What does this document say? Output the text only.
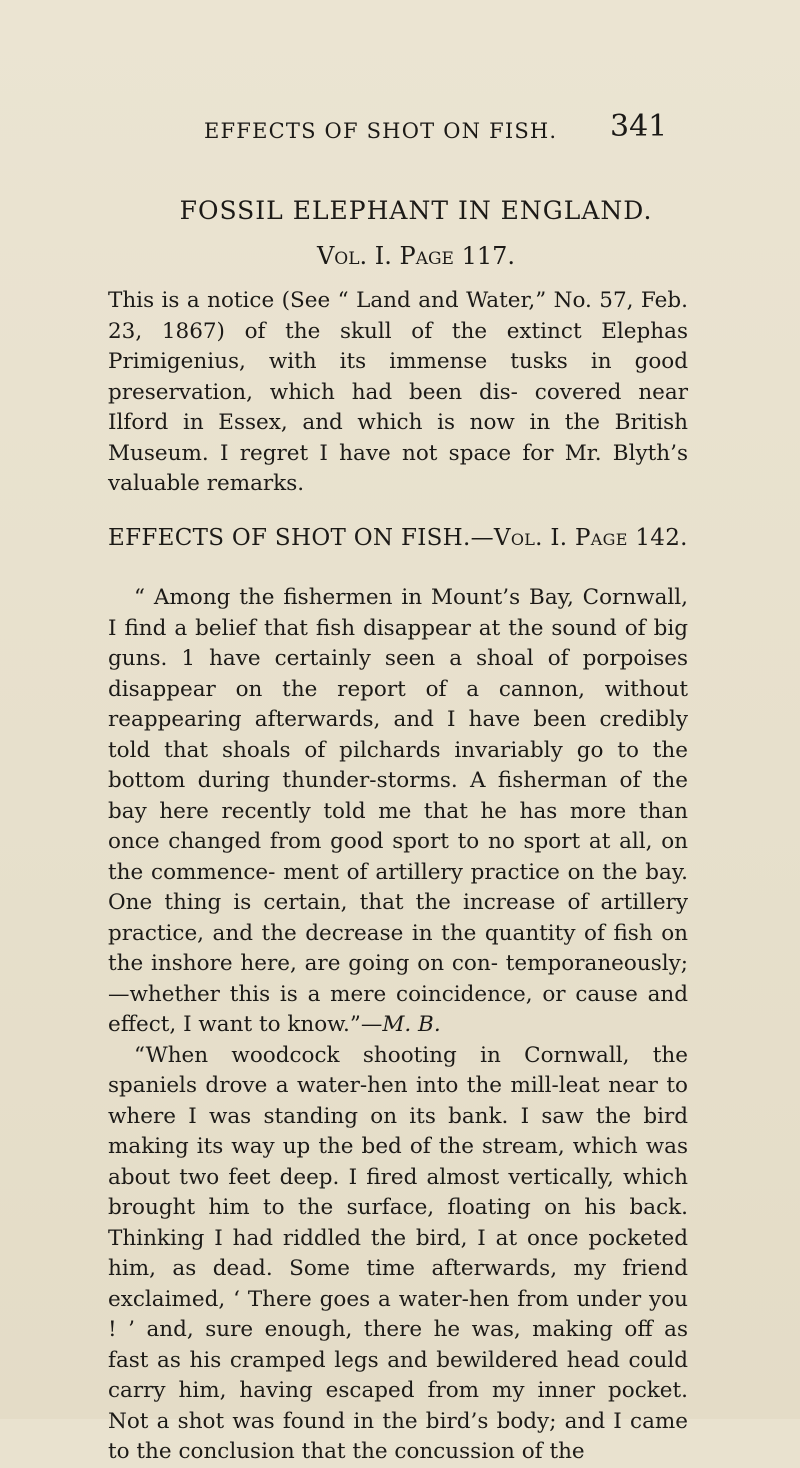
EFFECTS OF SHOT ON FISH. 341
FOSSIL ELEPHANT IN ENGLAND.
Vol. I. Page 117.
This is a notice (See “ Land and Water,” No. 57, Feb. 23, 1867) of the skull of the extinct Elephas Primigenius, with its immense tusks in good preservation, which had been dis- covered near Ilford in Essex, and which is now in the British Museum. I regret I have not space for Mr. Blyth’s valuable remarks.
EFFECTS OF SHOT ON FISH.—Vol. I. Page 142.
“ Among the fishermen in Mount’s Bay, Cornwall, I find a belief that fish disappear at the sound of big guns. 1 have certainly seen a shoal of porpoises disappear on the report of a cannon, without reappearing afterwards, and I have been credibly told that shoals of pilchards invariably go to the bottom during thunder-storms. A fisherman of the bay here recently told me that he has more than once changed from good sport to no sport at all, on the commence- ment of artillery practice on the bay. One thing is certain, that the increase of artillery practice, and the decrease in the quantity of fish on the inshore here, are going on con- temporaneously;—whether this is a mere coincidence, or cause and effect, I want to know.”—M. B.
“When woodcock shooting in Cornwall, the spaniels drove a water-hen into the mill-leat near to where I was standing on its bank. I saw the bird making its way up the bed of the stream, which was about two feet deep. I fired almost vertically, which brought him to the surface, floating on his back. Thinking I had riddled the bird, I at once pocketed him, as dead. Some time afterwards, my friend exclaimed, ‘ There goes a water-hen from under you ! ’ and, sure enough, there he was, making off as fast as his cramped legs and bewildered head could carry him, having escaped from my inner pocket. Not a shot was found in the bird’s body; and I came to the conclusion that the concussion of the
